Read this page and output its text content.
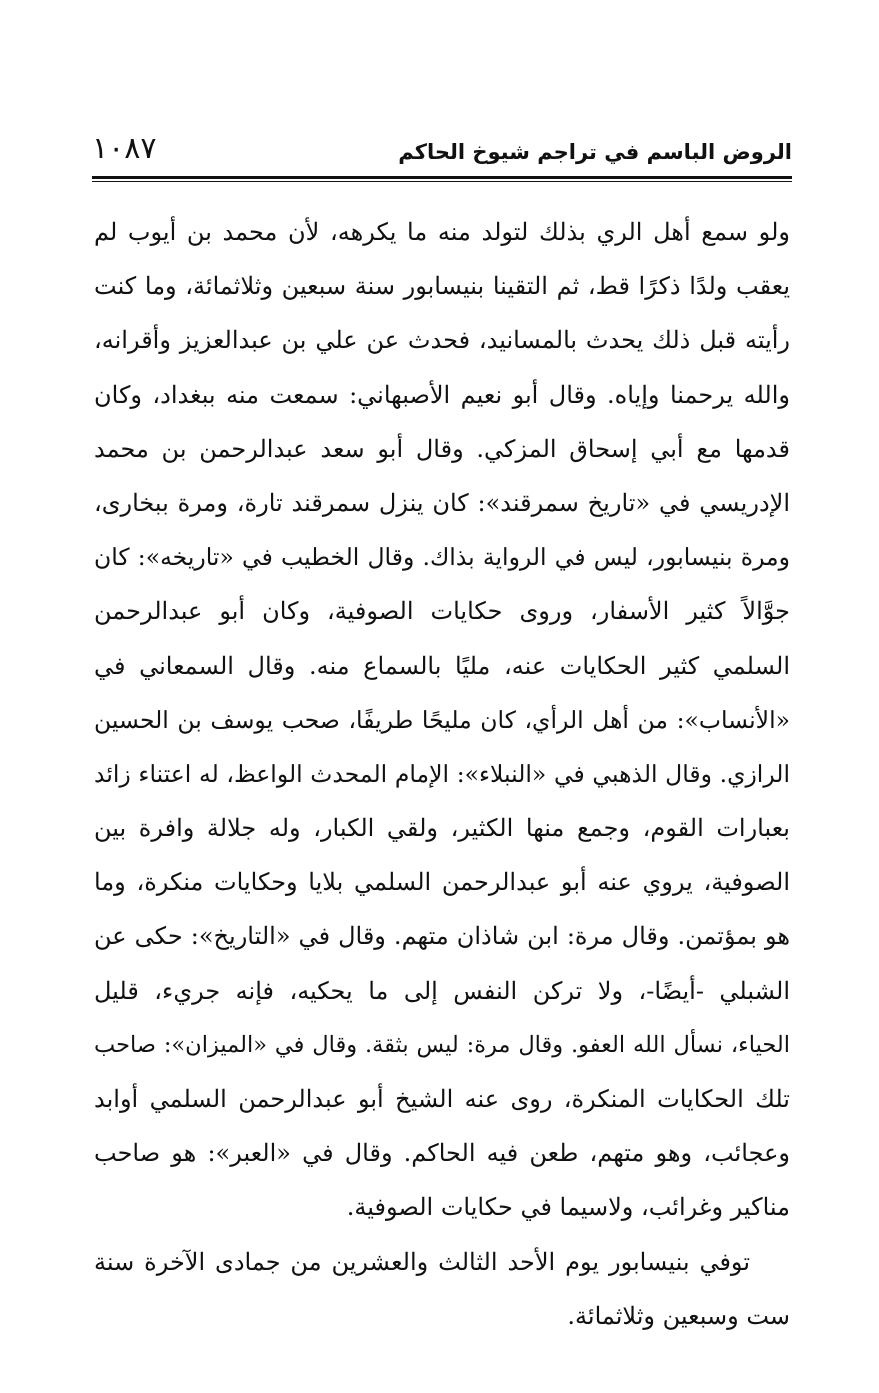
الروض الباسم في تراجم شيوخ الحاكم
١٠٨٧
ولو سمع أهل الري بذلك لتولد منه ما يكرهه، لأن محمد بن أيوب لم
يعقب ولدًا ذكرًا قط، ثم التقينا بنيسابور سنة سبعين وثلاثمائة، وما كنت
رأيته قبل ذلك يحدث بالمسانيد، فحدث عن علي بن عبدالعزيز وأقرانه،
والله يرحمنا وإياه. وقال أبو نعيم الأصبهاني: سمعت منه ببغداد، وكان
قدمها مع أبي إسحاق المزكي. وقال أبو سعد عبدالرحمن بن محمد
الإدريسي في «تاريخ سمرقند»: كان ينزل سمرقند تارة، ومرة ببخارى،
ومرة بنيسابور، ليس في الرواية بذاك. وقال الخطيب في «تاريخه»: كان
جوَّالاً كثير الأسفار، وروى حكايات الصوفية، وكان أبو عبدالرحمن
السلمي كثير الحكايات عنه، مليًا بالسماع منه. وقال السمعاني في
«الأنساب»: من أهل الرأي، كان مليحًا طريفًا، صحب يوسف بن الحسين
الرازي. وقال الذهبي في «النبلاء»: الإمام المحدث الواعظ، له اعتناء زائد
بعبارات القوم، وجمع منها الكثير، ولقي الكبار، وله جلالة وافرة بين
الصوفية، يروي عنه أبو عبدالرحمن السلمي بلايا وحكايات منكرة، وما
هو بمؤتمن. وقال مرة: ابن شاذان متهم. وقال في «التاريخ»: حكى عن
الشبلي -أيضًا-، ولا تركن النفس إلى ما يحكيه، فإنه جريء، قليل
الحياء، نسأل الله العفو. وقال مرة: ليس بثقة. وقال في «الميزان»: صاحب
تلك الحكايات المنكرة، روى عنه الشيخ أبو عبدالرحمن السلمي أوابد
وعجائب، وهو متهم، طعن فيه الحاكم. وقال في «العبر»: هو صاحب
مناكير وغرائب، ولاسيما في حكايات الصوفية.
توفي بنيسابور يوم الأحد الثالث والعشرين من جمادى الآخرة سنة
ست وسبعين وثلاثمائة.
